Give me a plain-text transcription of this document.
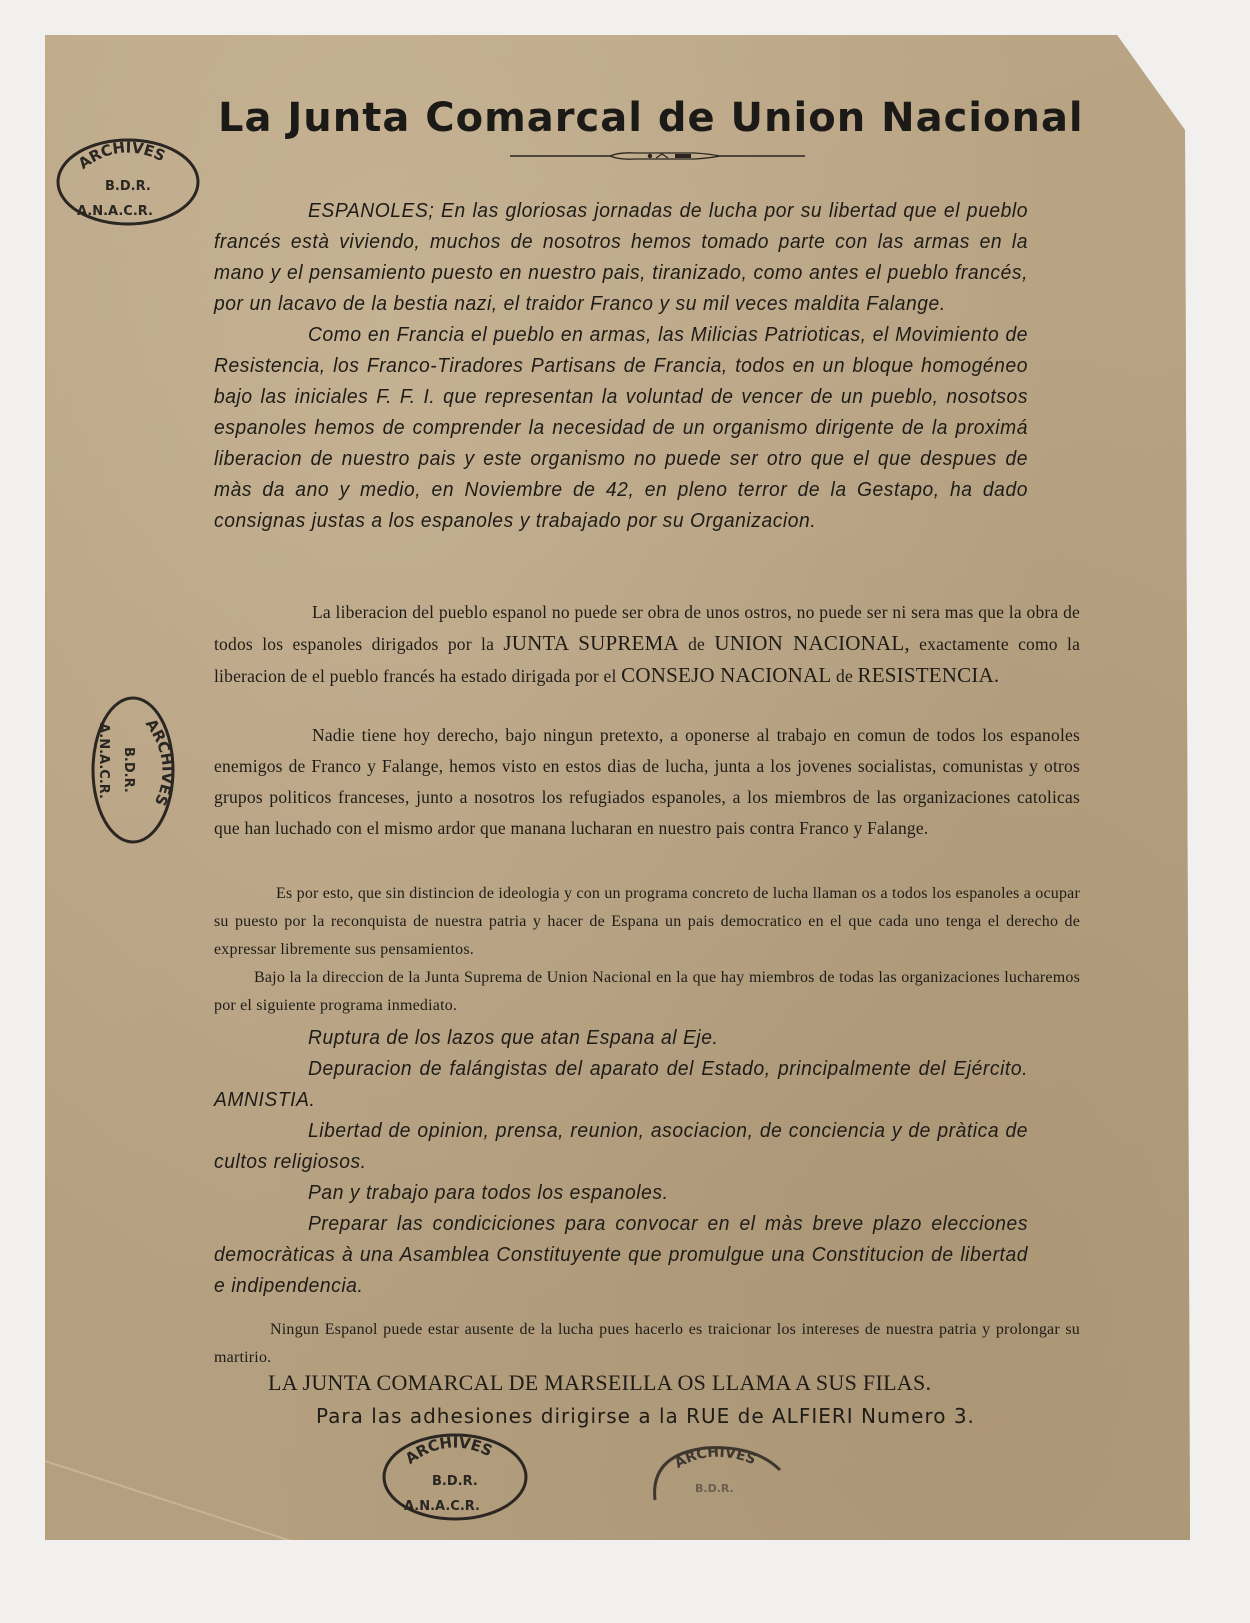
La Junta Comarcal de Union Nacional

ESPANOLES; En las gloriosas jornadas de lucha por su libertad que el pueblo francés està viviendo, muchos de nosotros hemos tomado parte con las armas en la mano y el pensamiento puesto en nuestro pais, tiranizado, como antes el pueblo francés, por un lacavo de la bestia nazi, el traidor Franco y su mil veces maldita Falange.

Como en Francia el pueblo en armas, las Milicias Patrioticas, el Movimiento de Resistencia, los Franco-Tiradores Partisans de Francia, todos en un bloque homogéneo bajo las iniciales F. F. I. que representan la voluntad de vencer de un pueblo, nosotsos espanoles hemos de comprender la necesidad de un organismo dirigente de la proximá liberacion de nuestro pais y este organismo no puede ser otro que el que despues de màs da ano y medio, en Noviembre de 42, en pleno terror de la Gestapo, ha dado consignas justas a los espanoles y trabajado por su Organizacion.

La liberacion del pueblo espanol no puede ser obra de unos ostros, no puede ser ni sera mas que la obra de todos los espanoles dirigados por la JUNTA SUPREMA de UNION NACIONAL, exactamente como la liberacion de el pueblo francés ha estado dirigada por el CONSEJO NACIONAL de RESISTENCIA.

Nadie tiene hoy derecho, bajo ningun pretexto, a oponerse al trabajo en comun de todos los espanoles enemigos de Franco y Falange, hemos visto en estos dias de lucha, junta a los jovenes socialistas, comunistas y otros grupos politicos franceses, junto a nosotros los refugiados espanoles, a los miembros de las organizaciones catolicas que han luchado con el mismo ardor que manana lucharan en nuestro pais contra Franco y Falange.

Es por esto, que sin distincion de ideologia y con un programa concreto de lucha llaman os a todos los espanoles a ocupar su puesto por la reconquista de nuestra patria y hacer de Espana un pais democratico en el que cada uno tenga el derecho de expressar libremente sus pensamientos.

Bajo la la direccion de la Junta Suprema de Union Nacional en la que hay miembros de todas las organizaciones lucharemos por el siguiente programa inmediato.

Ruptura de los lazos que atan Espana al Eje.

Depuracion de falángistas del aparato del Estado, principalmente del Ejército. AMNISTIA.

Libertad de opinion, prensa, reunion, asociacion, de conciencia y de pràtica de cultos religiosos.

Pan y trabajo para todos los espanoles.

Preparar las condiciciones para convocar en el màs breve plazo elecciones democràticas à una Asamblea Constituyente que promulgue una Constitucion de libertad e indipendencia.

Ningun Espanol puede estar ausente de la lucha pues hacerlo es traicionar los intereses de nuestra patria y prolongar su martirio.

LA JUNTA COMARCAL DE MARSEILLA OS LLAMA A SUS FILAS.
Para las adhesiones dirigirse a la RUE de ALFIERI Numero 3.
ARCHIVES
B.D.R.
A.N.A.C.R.
ARCHIVES
B.D.R.
A.N.A.C.R.
ARCHIVES
B.D.R.
A.N.A.C.R.
ARCHIVES
B.D.R.
